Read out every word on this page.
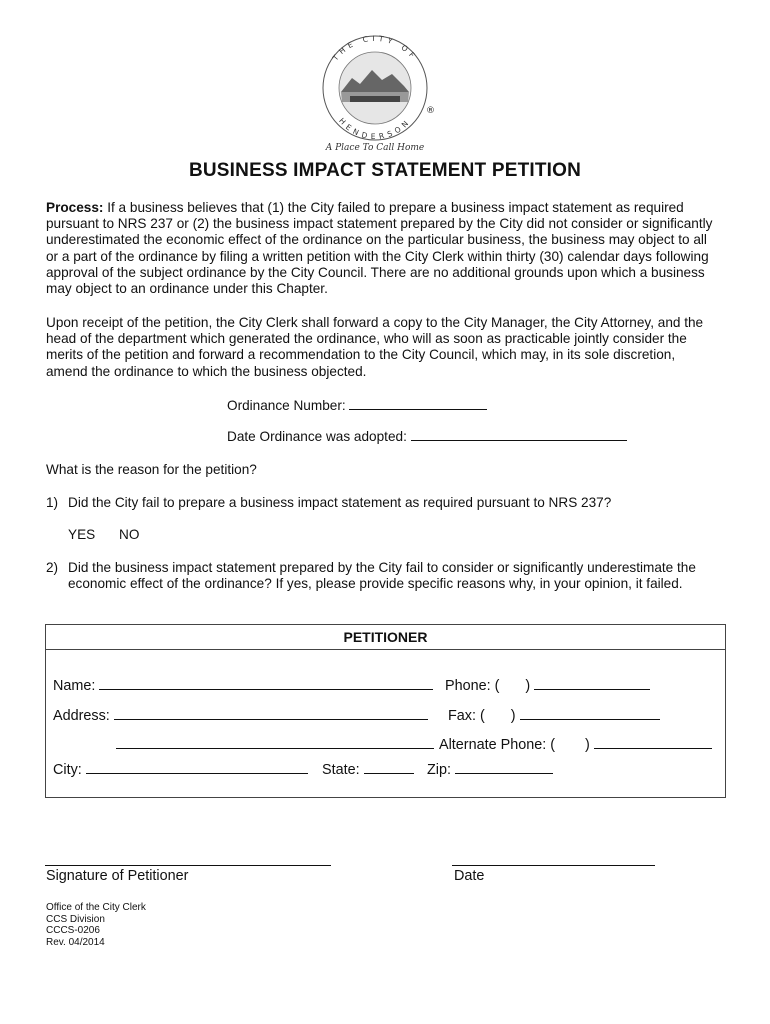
THE CITY OF
HENDERSON
®
A Place To Call Home
BUSINESS IMPACT STATEMENT PETITION
Process: If a business believes that (1) the City failed to prepare a business impact statement as required
pursuant to NRS 237 or (2) the business impact statement prepared by the City did not consider or significantly
underestimated the economic effect of the ordinance on the particular business, the business may object to all
or a part of the ordinance by filing a written petition with the City Clerk within thirty (30) calendar days following
approval of the subject ordinance by the City Council. There are no additional grounds upon which a business
may object to an ordinance under this Chapter.
Upon receipt of the petition, the City Clerk shall forward a copy to the City Manager, the City Attorney, and the
head of the department which generated the ordinance, who will as soon as practicable jointly consider the
merits of the petition and forward a recommendation to the City Council, which may, in its sole discretion,
amend the ordinance to which the business objected.
Ordinance Number:
Date Ordinance was adopted:
What is the reason for the petition?
1) Did the City fail to prepare a business impact statement as required pursuant to NRS 237?
YES NO
2) Did the business impact statement prepared by the City fail to consider or significantly underestimate the
economic effect of the ordinance? If yes, please provide specific reasons why, in your opinion, it failed.
PETITIONER
Name:	Phone: ( )
Address:	Fax: ( )
Alternate Phone: ( )
City:	State:	Zip:
Signature of Petitioner	Date
Office of the City Clerk
CCS Division
CCCS-0206
Rev. 04/2014
